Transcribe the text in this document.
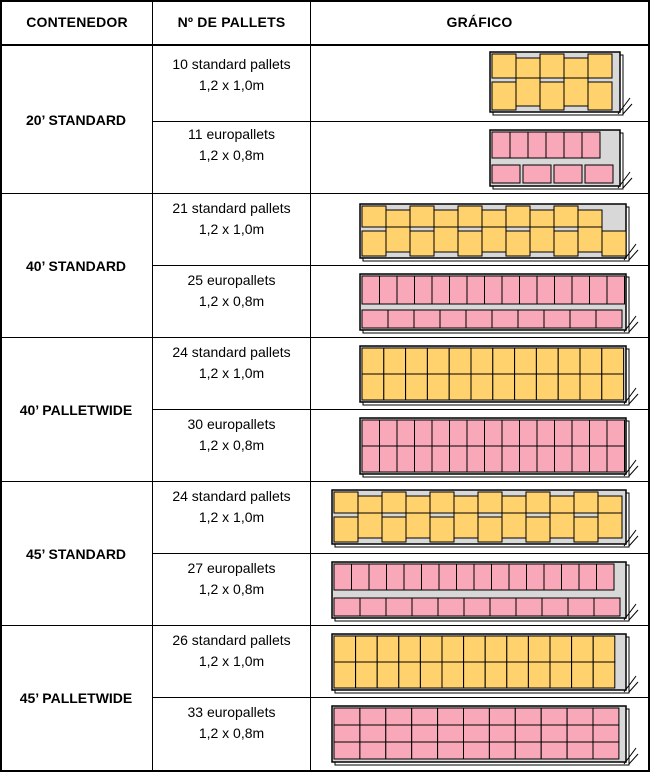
CONTENEDOR	Nº DE PALLETS	GRÁFICO
20’ STANDARD
40’ STANDARD
40’ PALLETWIDE
45’ STANDARD
45’ PALLETWIDE
10 standard pallets
1,2 x 1,0m
11 europallets
1,2 x 0,8m
21 standard pallets
1,2 x 1,0m
25 europallets
1,2 x 0,8m
24 standard pallets
1,2 x 1,0m
30 europallets
1,2 x 0,8m
24 standard pallets
1,2 x 1,0m
27 europallets
1,2 x 0,8m
26 standard pallets
1,2 x 1,0m
33 europallets
1,2 x 0,8m
